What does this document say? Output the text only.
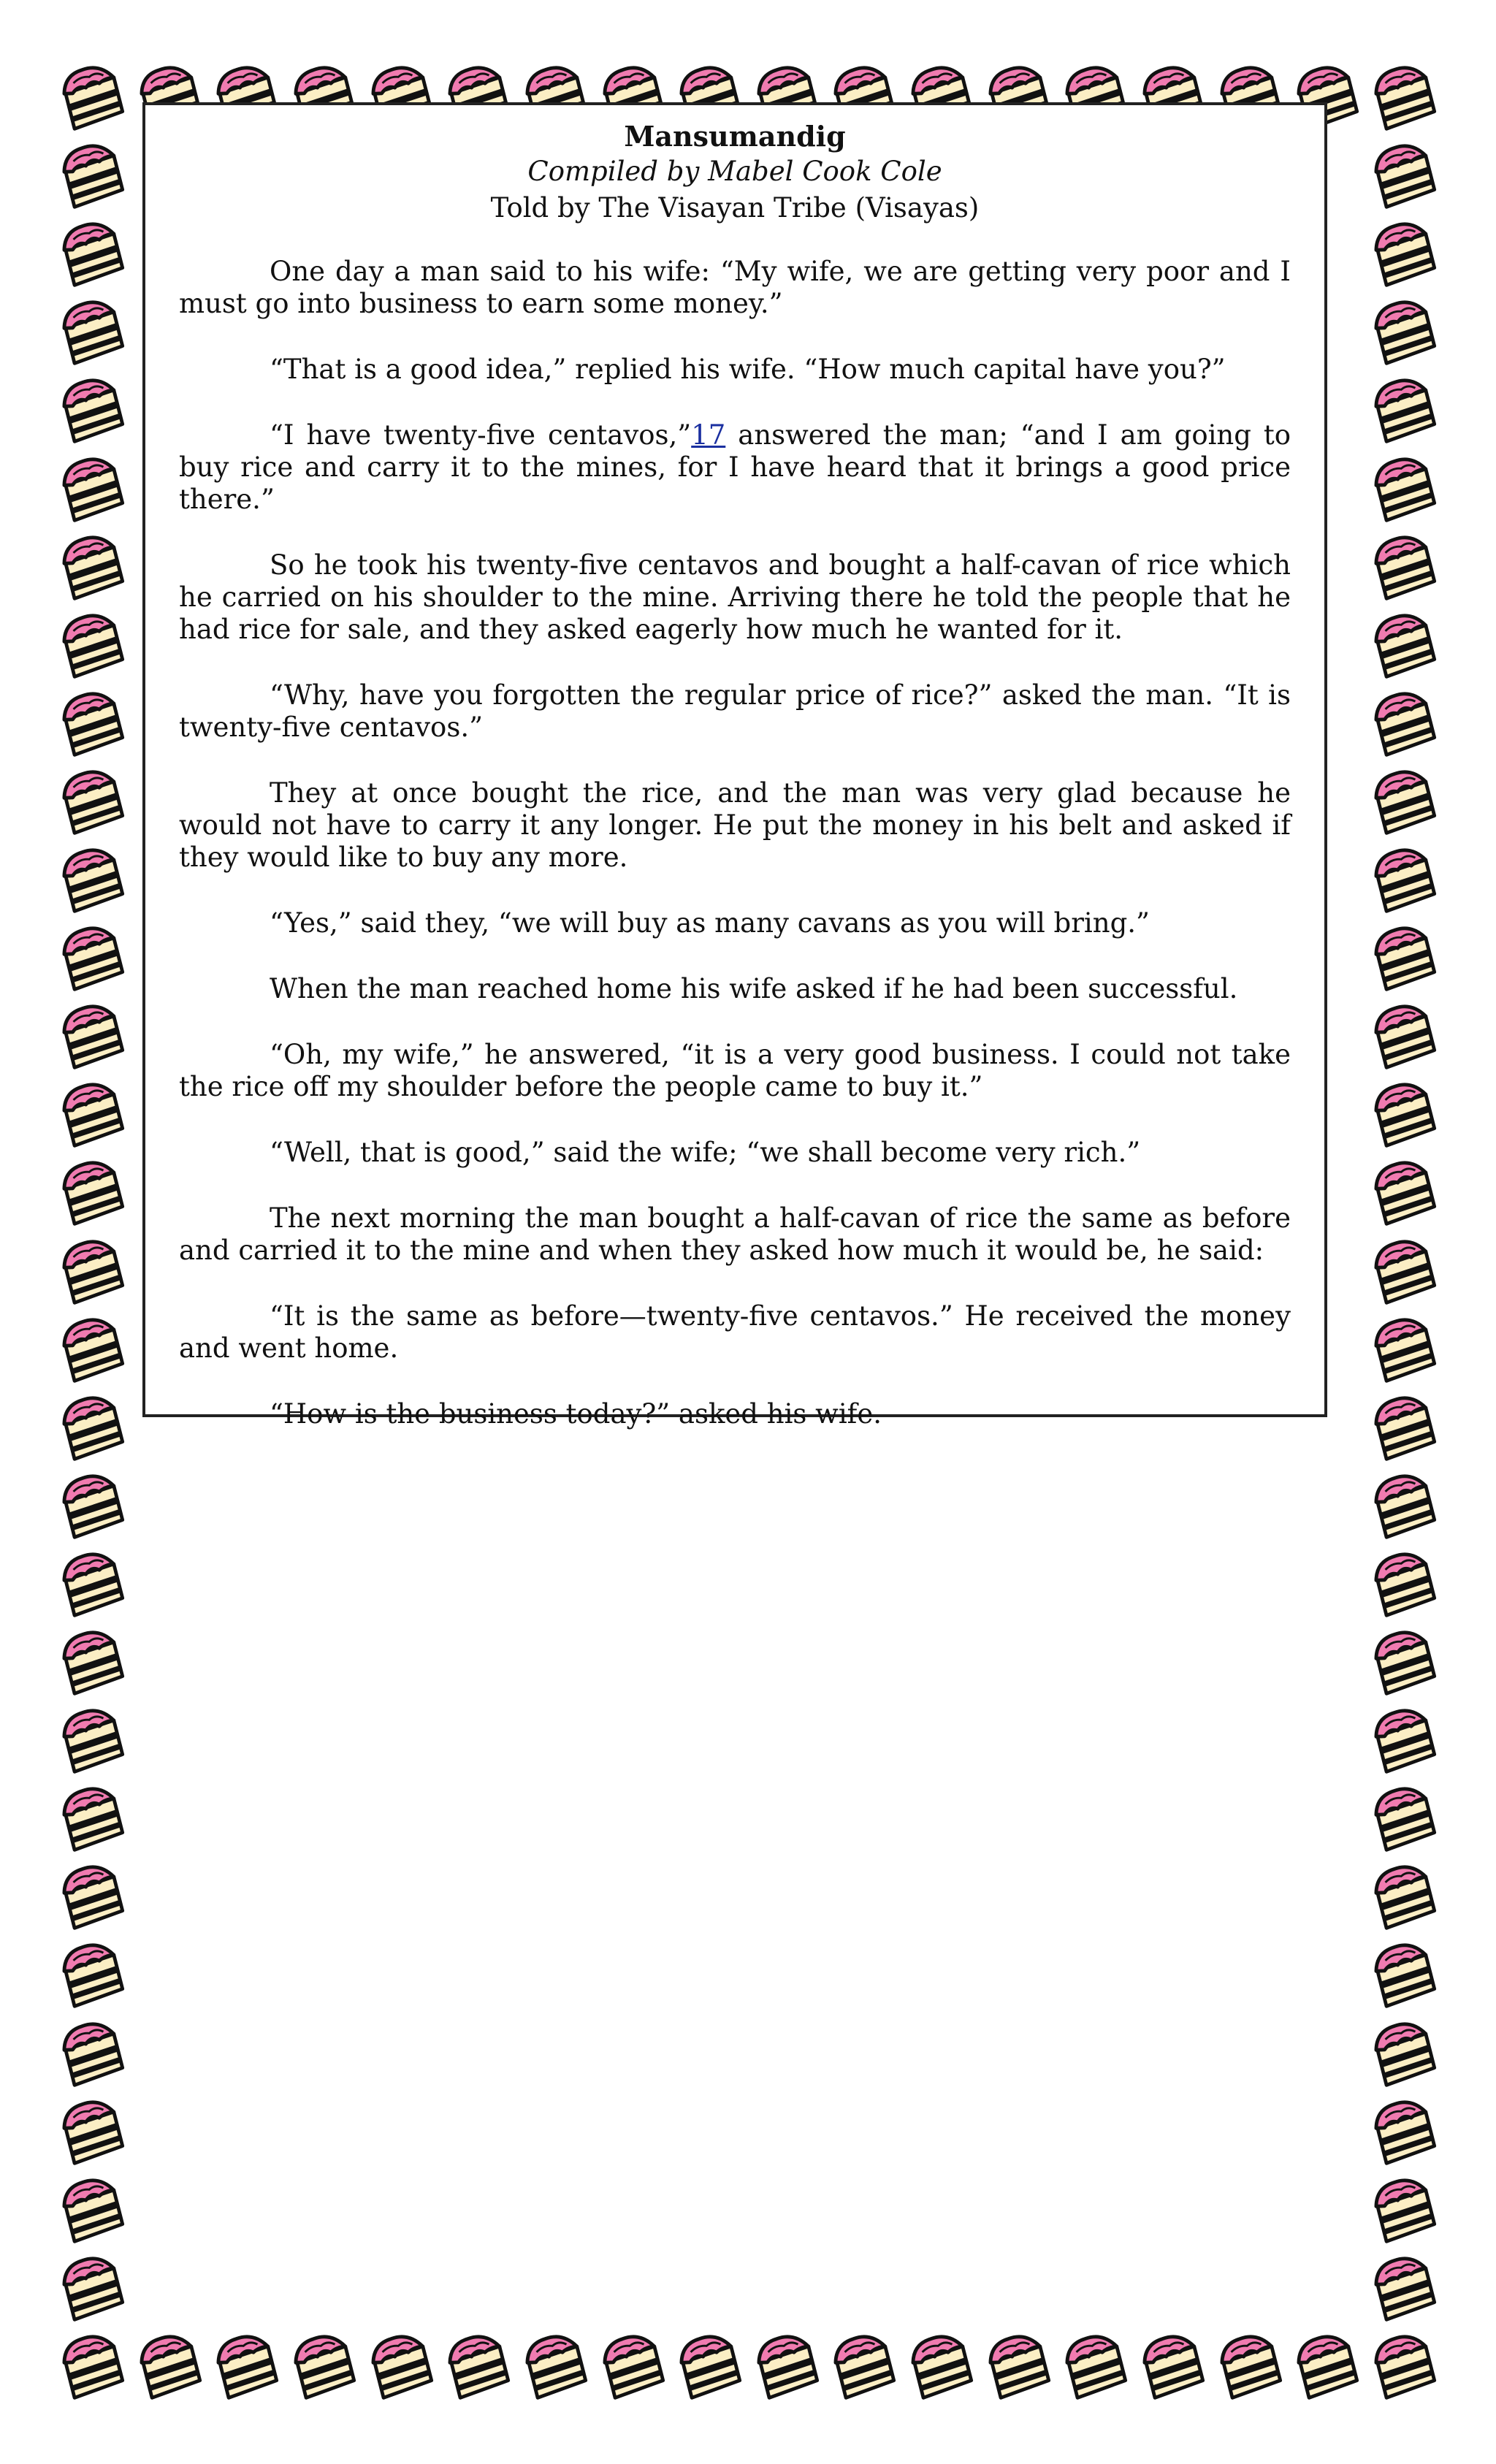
Mansumandig

Compiled by Mabel Cook Cole

Told by The Visayan Tribe (Visayas)

One day a man said to his wife: “My wife, we are getting very poor and I must go into business to earn some money.”

“That is a good idea,” replied his wife. “How much capital have you?”

“I have twenty-five centavos,”17 answered the man; “and I am going to buy rice and carry it to the mines, for I have heard that it brings a good price there.”

So he took his twenty-five centavos and bought a half-cavan of rice which he carried on his shoulder to the mine. Arriving there he told the people that he had rice for sale, and they asked eagerly how much he wanted for it.

“Why, have you forgotten the regular price of rice?” asked the man. “It is twenty-five centavos.”

They at once bought the rice, and the man was very glad because he would not have to carry it any longer. He put the money in his belt and asked if they would like to buy any more.

“Yes,” said they, “we will buy as many cavans as you will bring.”

When the man reached home his wife asked if he had been successful.

“Oh, my wife,” he answered, “it is a very good business. I could not take the rice off my shoulder before the people came to buy it.”

“Well, that is good,” said the wife; “we shall become very rich.”

The next morning the man bought a half-cavan of rice the same as before and carried it to the mine and when they asked how much it would be, he said:

“It is the same as before—twenty-five centavos.” He received the money and went home.

“How is the business today?” asked his wife.
